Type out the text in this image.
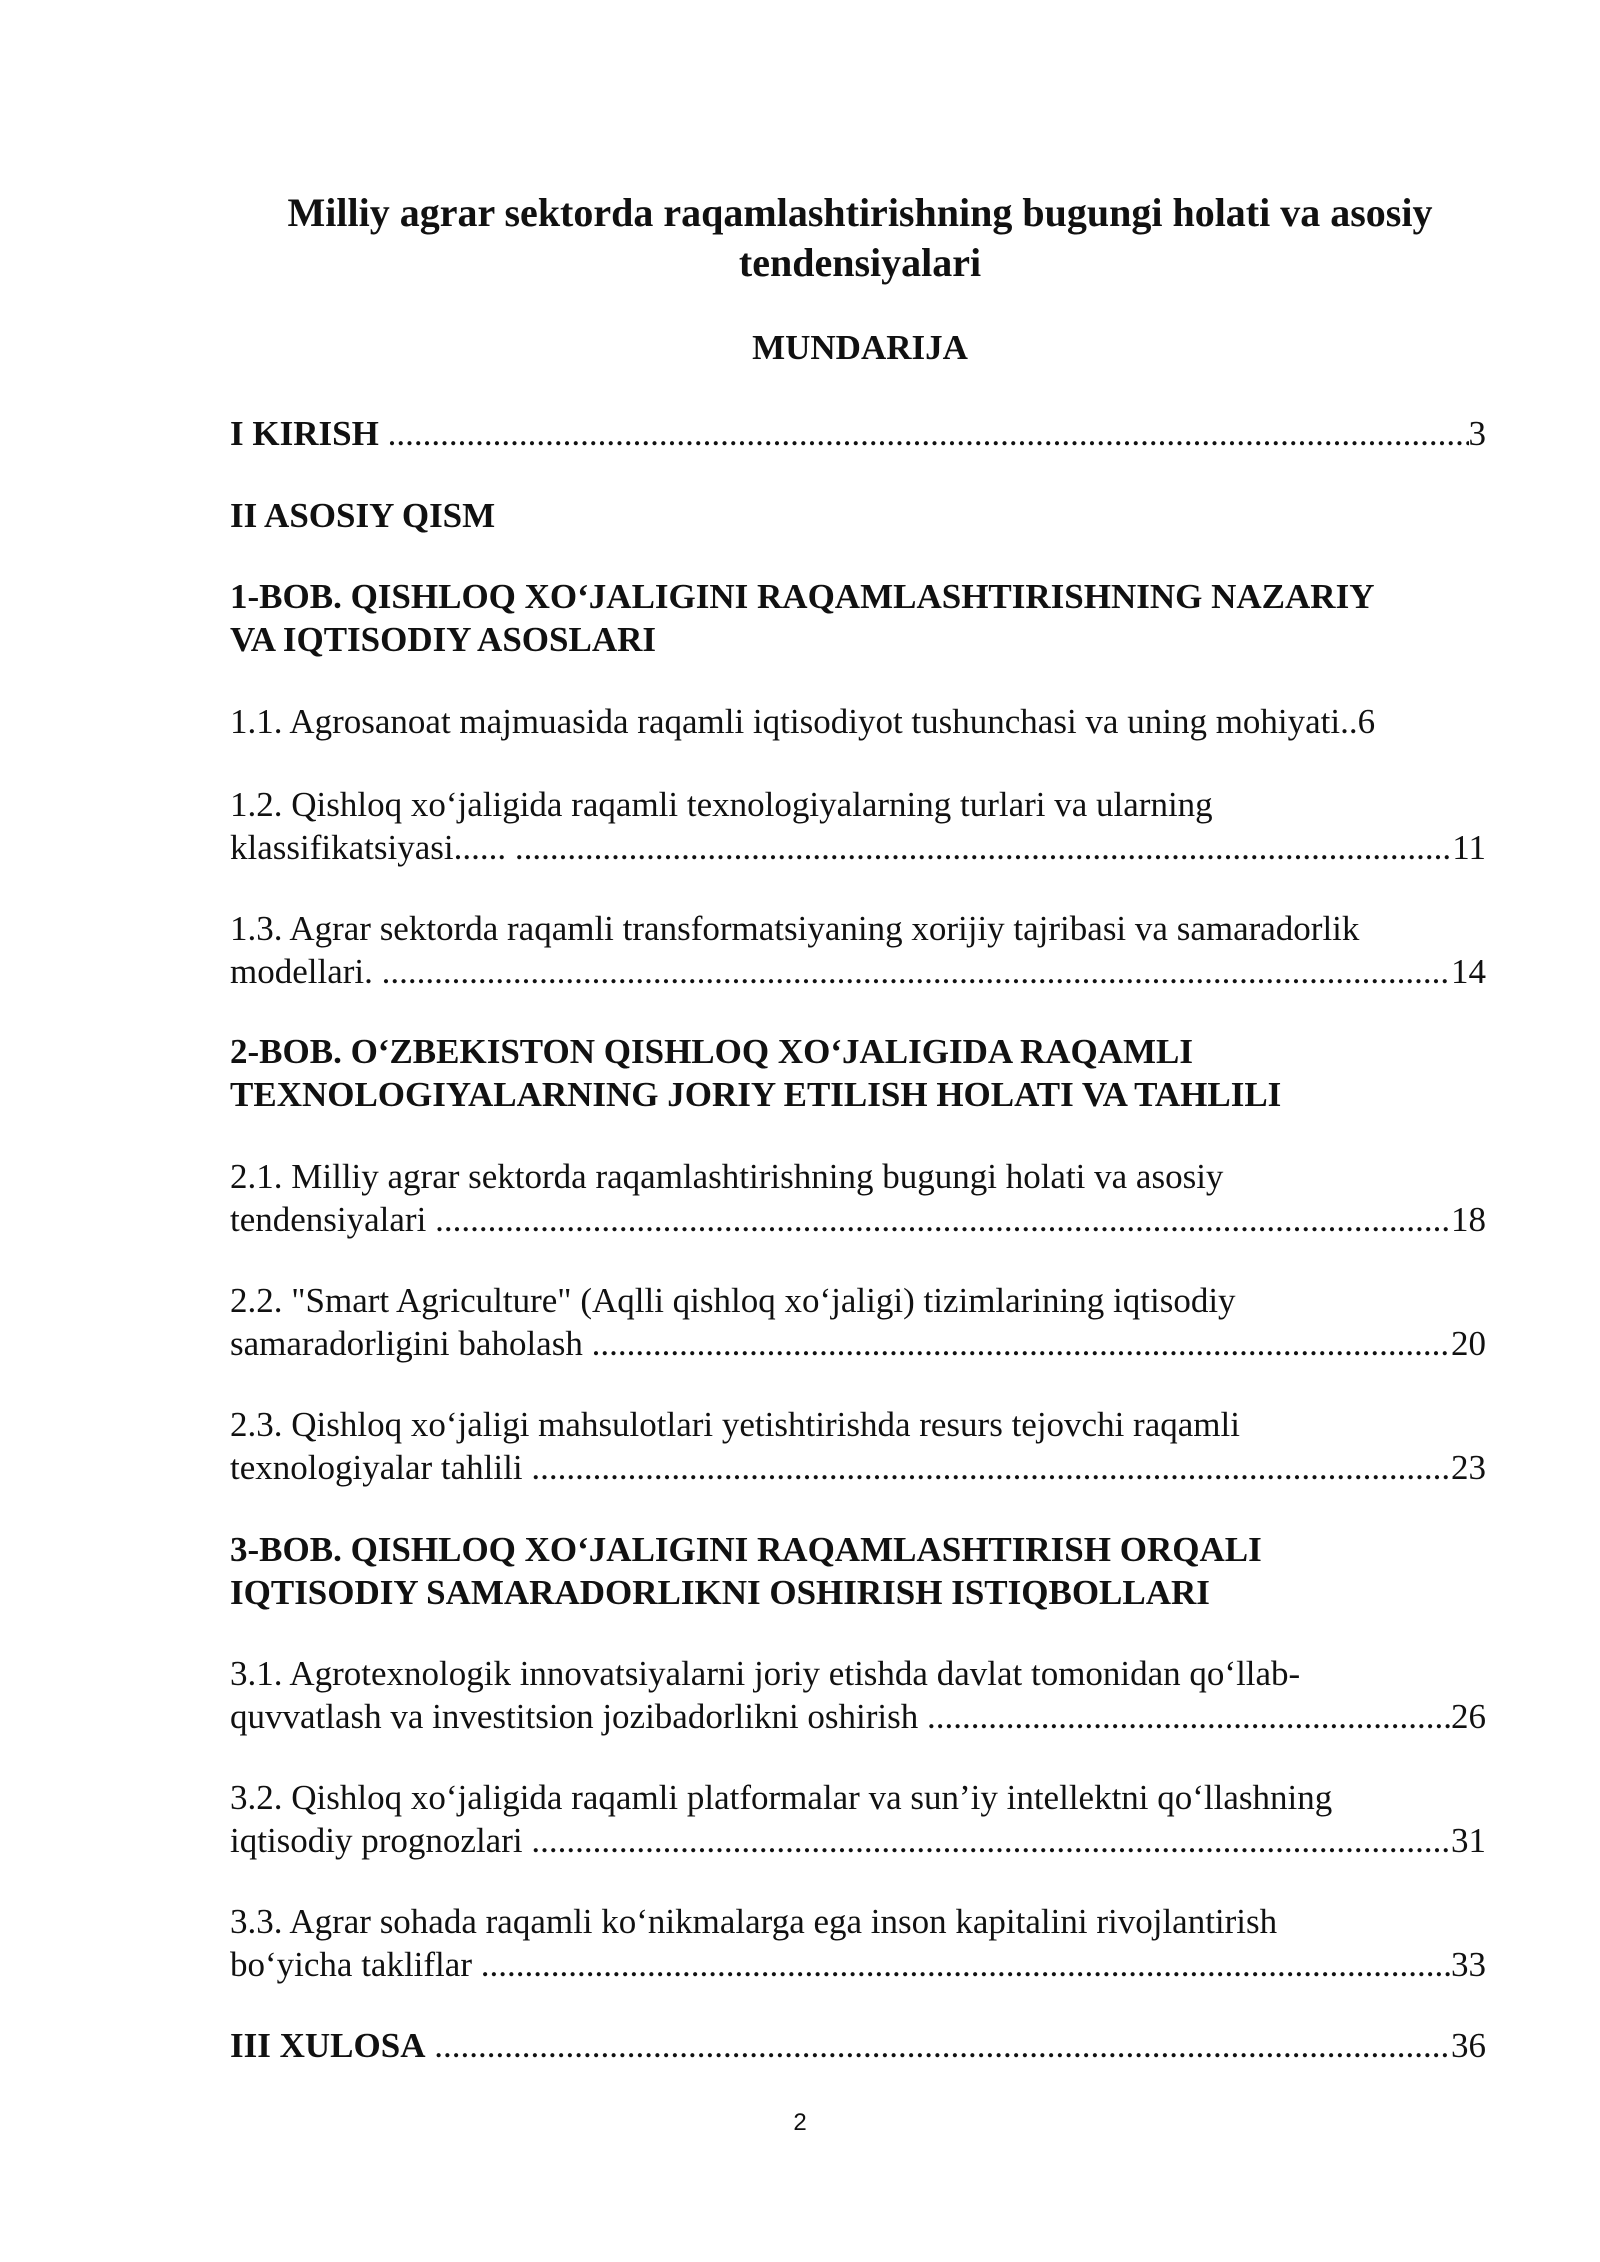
Milliy agrar sektorda raqamlashtirishning bugungi holati va asosiy
tendensiyalari
MUNDARIJA
I KIRISH .....	3
II ASOSIY QISM
1-BOB. QISHLOQ XO‘JALIGINI RAQAMLASHTIRISHNING NAZARIY
VA IQTISODIY ASOSLARI
1.1. Agrosanoat majmuasida raqamli iqtisodiyot tushunchasi va uning mohiyati .. 6
1.2. Qishloq xo‘jaligida raqamli texnologiyalarning turlari va ularning
klassifikatsiyasi...... .....	11
1.3. Agrar sektorda raqamli transformatsiyaning xorijiy tajribasi va samaradorlik
modellari. .....	14
2-BOB. O‘ZBEKISTON QISHLOQ XO‘JALIGIDA RAQAMLI
TEXNOLOGIYALARNING JORIY ETILISH HOLATI VA TAHLILI
2.1. Milliy agrar sektorda raqamlashtirishning bugungi holati va asosiy
tendensiyalari .....	18
2.2. "Smart Agriculture" (Aqlli qishloq xo‘jaligi) tizimlarining iqtisodiy
samaradorligini baholash .....	20
2.3. Qishloq xo‘jaligi mahsulotlari yetishtirishda resurs tejovchi raqamli
texnologiyalar tahlili .....	23
3-BOB. QISHLOQ XO‘JALIGINI RAQAMLASHTIRISH ORQALI
IQTISODIY SAMARADORLIKNI OSHIRISH ISTIQBOLLARI
3.1. Agrotexnologik innovatsiyalarni joriy etishda davlat tomonidan qo‘llab-
quvvatlash va investitsion jozibadorlikni oshirish .....	26
3.2. Qishloq xo‘jaligida raqamli platformalar va sun’iy intellektni qo‘llashning
iqtisodiy prognozlari .....	31
3.3. Agrar sohada raqamli ko‘nikmalarga ega inson kapitalini rivojlantirish
bo‘yicha takliflar .....	33
III XULOSA .....	36
2
